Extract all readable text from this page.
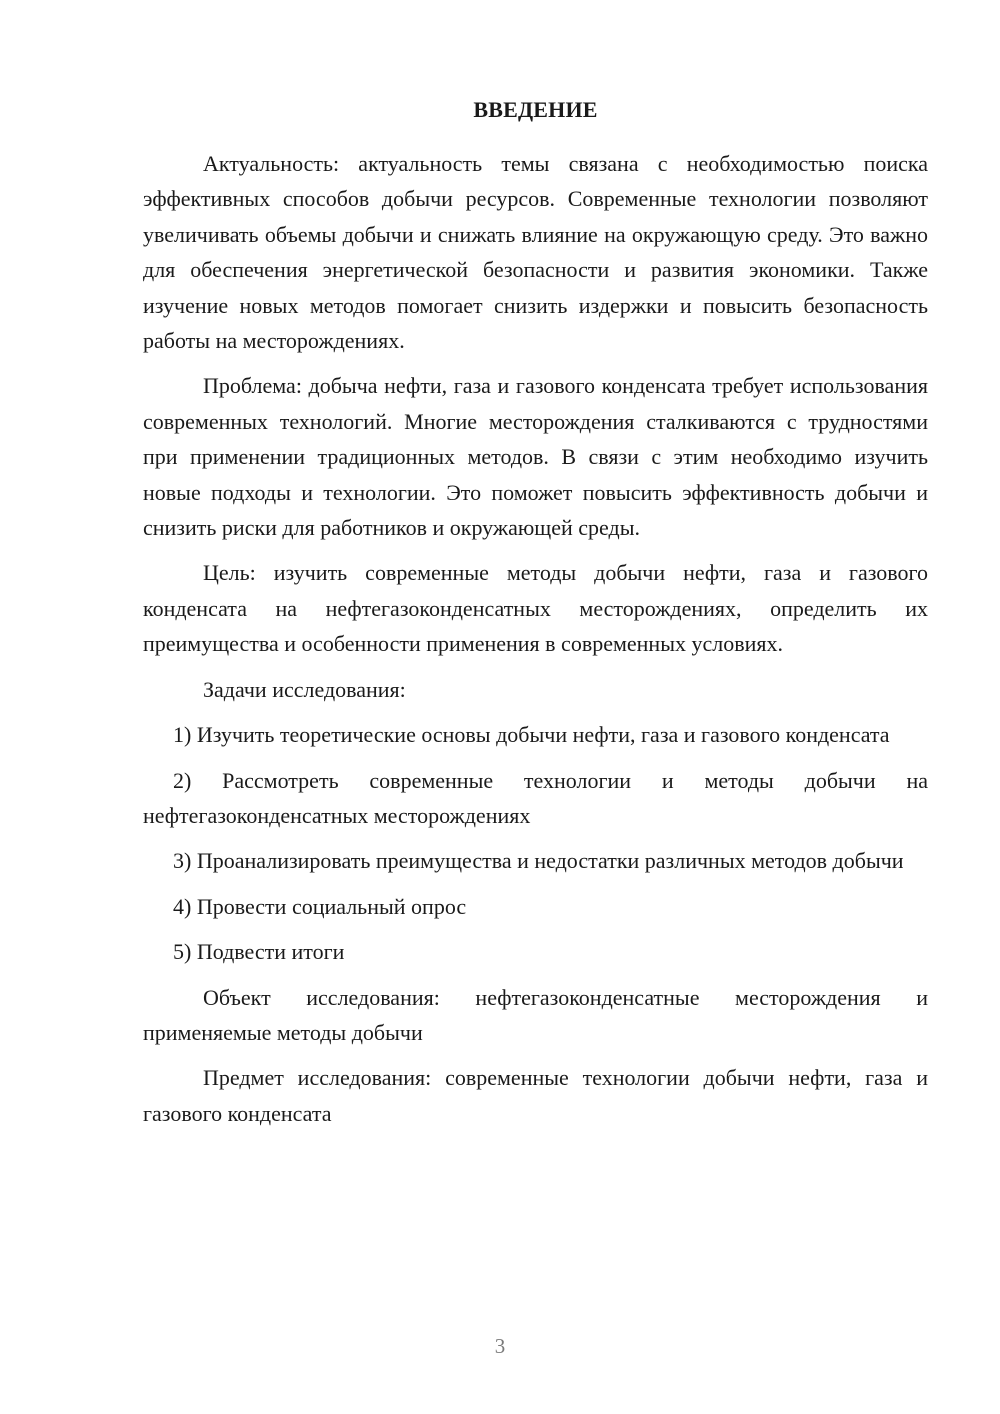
ВВЕДЕНИЕ

Актуальность: актуальность темы связана с необходимостью поиска эффективных способов добычи ресурсов. Современные технологии позволяют увеличивать объемы добычи и снижать влияние на окружающую среду. Это важно для обеспечения энергетической безопасности и развития экономики. Также изучение новых методов помогает снизить издержки и повысить безопасность работы на месторождениях.

Проблема: добыча нефти, газа и газового конденсата требует использования современных технологий. Многие месторождения сталкиваются с трудностями при применении традиционных методов. В связи с этим необходимо изучить новые подходы и технологии. Это поможет повысить эффективность добычи и снизить риски для работников и окружающей среды.

Цель: изучить современные методы добычи нефти, газа и газового конденсата на нефтегазоконденсатных месторождениях, определить их преимущества и особенности применения в современных условиях.

Задачи исследования:

1) Изучить теоретические основы добычи нефти, газа и газового конденсата

2) Рассмотреть современные технологии и методы добычи на нефтегазоконденсатных месторождениях

3) Проанализировать преимущества и недостатки различных методов добычи

4) Провести социальный опрос

5) Подвести итоги

Объект исследования: нефтегазоконденсатные месторождения и применяемые методы добычи

Предмет исследования: современные технологии добычи нефти, газа и газового конденсата

3
